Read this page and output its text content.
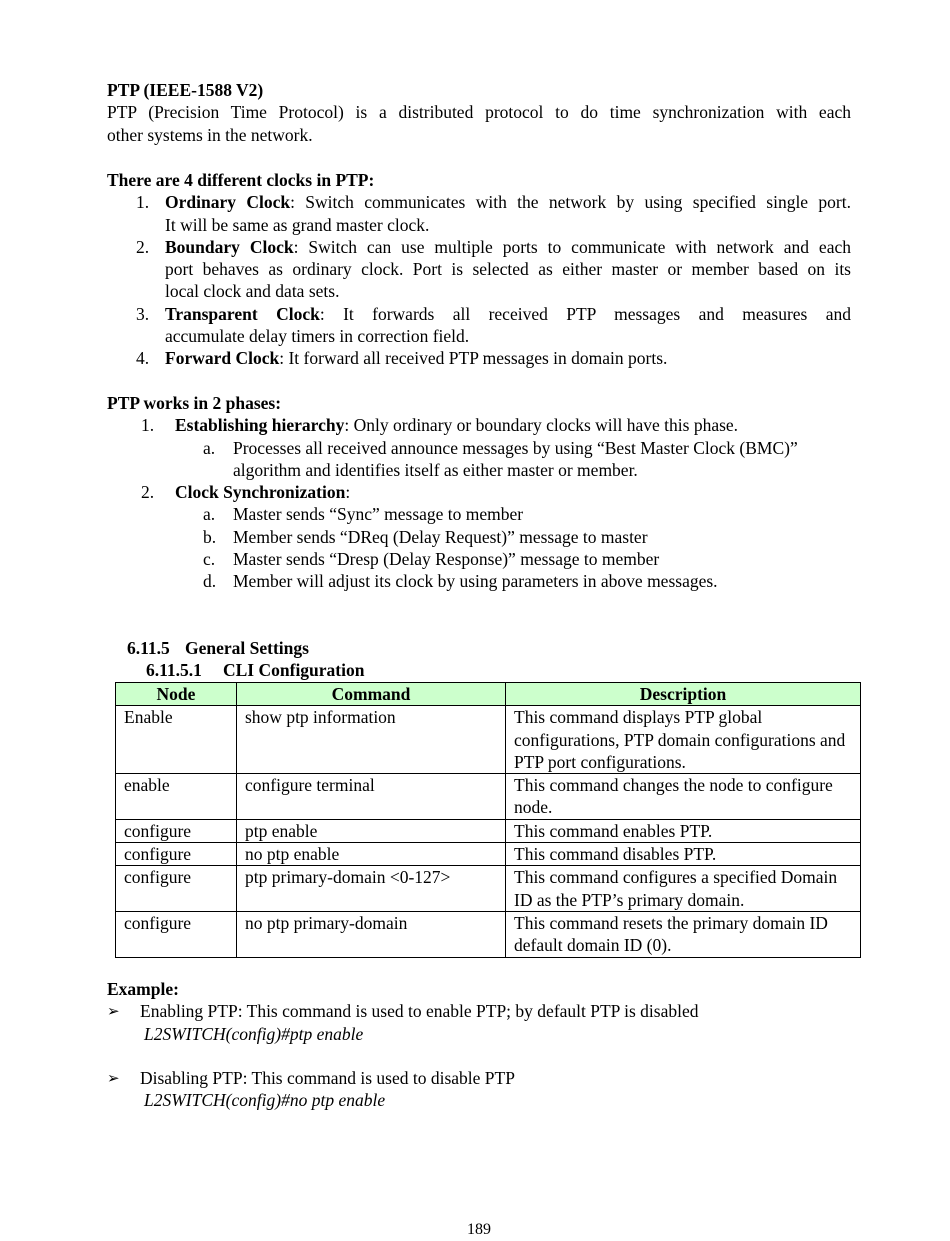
PTP (IEEE-1588 V2)
PTP (Precision Time Protocol) is a distributed protocol to do time synchronization with each
other systems in the network.
There are 4 different clocks in PTP:
1. Ordinary Clock: Switch communicates with the network by using specified single port.
It will be same as grand master clock.
2. Boundary Clock: Switch can use multiple ports to communicate with network and each
port behaves as ordinary clock. Port is selected as either master or member based on its
local clock and data sets.
3. Transparent Clock: It forwards all received PTP messages and measures and
accumulate delay timers in correction field.
4. Forward Clock: It forward all received PTP messages in domain ports.
PTP works in 2 phases:
1. Establishing hierarchy: Only ordinary or boundary clocks will have this phase.
a. Processes all received announce messages by using “Best Master Clock (BMC)”
algorithm and identifies itself as either master or member.
2. Clock Synchronization:
a. Master sends “Sync” message to member
b. Member sends “DReq (Delay Request)” message to master
c. Master sends “Dresp (Delay Response)” message to member
d. Member will adjust its clock by using parameters in above messages.
6.11.5 General Settings
6.11.5.1 CLI Configuration
Node	Command	Description
Enable	show ptp information	This command displays PTP global
configurations, PTP domain configurations and
PTP port configurations.

enable	configure terminal	This command changes the node to configure
node.

configure	ptp enable	This command enables PTP.

configure	no ptp enable	This command disables PTP.

configure	ptp primary-domain <0-127>	This command configures a specified Domain
ID as the PTP’s primary domain.

configure	no ptp primary-domain	This command resets the primary domain ID
default domain ID (0).
Example:
➢ Enabling PTP: This command is used to enable PTP; by default PTP is disabled
L2SWITCH(config)#ptp enable
➢ Disabling PTP: This command is used to disable PTP
L2SWITCH(config)#no ptp enable
189
